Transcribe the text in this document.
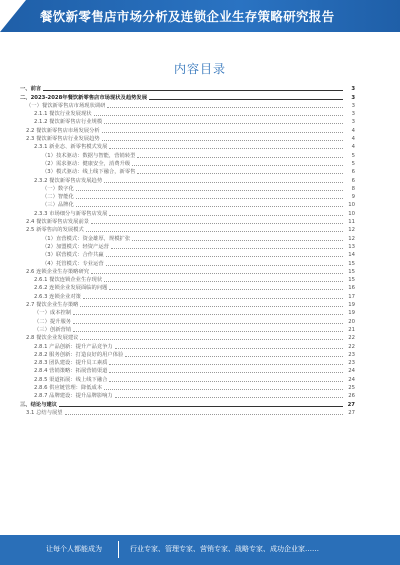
餐饮新零售店市场分析及连锁企业生存策略研究报告
内容目录
一、前言	3
二、2023-2028年餐饮新零售店市场现状及趋势发展	3
（一）餐饮新零售店市场现状调研	3
2.1.1 餐饮行业发展现状	3
2.1.2 餐饮新零售店行业规模	3
2.2 餐饮新零售店市场发展分析	4
2.3 餐饮新零售店行业发展趋势	4
2.3.1 新业态、新零售模式发展	4
（1）技术驱动：数据与智能，营销转型	5
（2）需求驱动：健康安全，消费升级	5
（3）模式驱动：线上线下融合，新零售	6
2.3.2 餐饮新零售店发展趋势	6
（一）数字化	8
（二）智能化	9
（三）品牌化	10
2.3.3 市场细分与新零售店发展	10
2.4 餐饮新零售店发展前景	11
2.5 新零售店的发展模式	12
（1）直营模式：资金雄厚，规模扩张	12
（2）加盟模式：轻资产运营	13
（3）联营模式：合作共赢	14
（4）托管模式：专业运营	15
2.6 连锁企业生存策略研究	15
2.6.1 餐饮连锁企业生存现状	15
2.6.2 连锁企业发展面临的问题	16
2.6.3 连锁企业对策	17
2.7 餐饮企业生存策略	19
（一）成本控制	19
（二）提升服务	20
（三）创新营销	21
2.8 餐饮企业发展建议	22
2.8.1 产品创新：提升产品竞争力	22
2.8.2 服务创新：打造良好的用户体验	23
2.8.3 团队建设：提升员工素质	23
2.8.4 营销策略：拓展营销渠道	24
2.8.5 渠道拓展：线上线下融合	24
2.8.6 供应链管理：降低成本	25
2.8.7 品牌建设：提升品牌影响力	26
三、结论与建议	27
3.1 总结与展望	27
让每个人都能成为	行业专家、管理专家、营销专家、战略专家、成功企业家……
